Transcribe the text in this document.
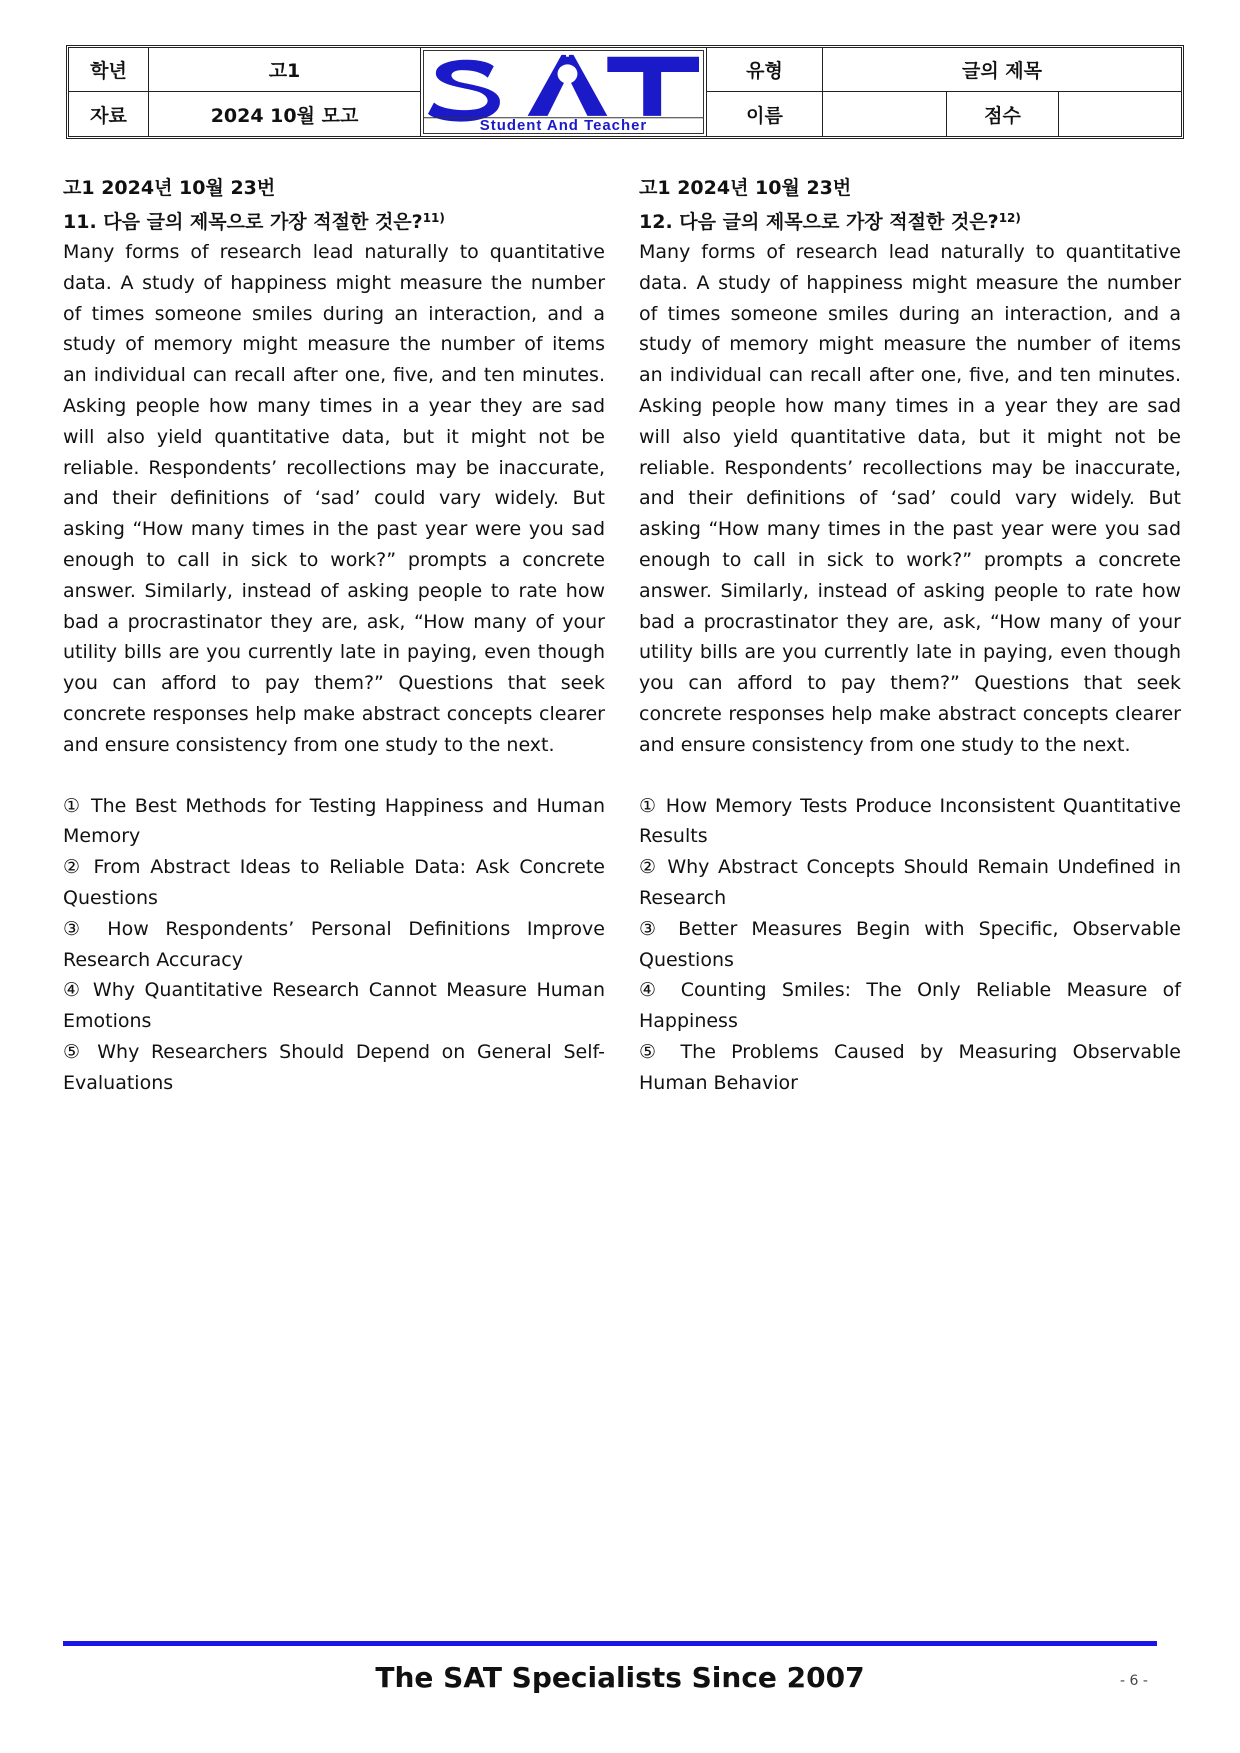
학년	고1
Student And Teacher
유형	글의 제목
자료	2024 10월 모고	이름	점수
고1 2024년 10월 23번
11. 다음 글의 제목으로 가장 적절한 것은?$^{11)}$

Many forms of research lead naturally to quantitative data. A study of happiness might measure the number of times someone smiles during an interaction, and a study of memory might measure the number of items an individual can recall after one, five, and ten minutes. Asking people how many times in a year they are sad will also yield quantitative data, but it might not be reliable. Respondents’ recollections may be inaccurate, and their definitions of ‘sad’ could vary widely. But asking “How many times in the past year were you sad enough to call in sick to work?” prompts a concrete answer. Similarly, instead of asking people to rate how bad a procrastinator they are, ask, “How many of your utility bills are you currently late in paying, even though you can afford to pay them?” Questions that seek concrete responses help make abstract concepts clearer and ensure consistency from one study to the next.

① The Best Methods for Testing Happiness and Human Memory

② From Abstract Ideas to Reliable Data: Ask Concrete Questions

③ How Respondents’ Personal Definitions Improve Research Accuracy

④ Why Quantitative Research Cannot Measure Human Emotions

⑤ Why Researchers Should Depend on General Self-Evaluations

고1 2024년 10월 23번
12. 다음 글의 제목으로 가장 적절한 것은?$^{12)}$

Many forms of research lead naturally to quantitative data. A study of happiness might measure the number of times someone smiles during an interaction, and a study of memory might measure the number of items an individual can recall after one, five, and ten minutes. Asking people how many times in a year they are sad will also yield quantitative data, but it might not be reliable. Respondents’ recollections may be inaccurate, and their definitions of ‘sad’ could vary widely. But asking “How many times in the past year were you sad enough to call in sick to work?” prompts a concrete answer. Similarly, instead of asking people to rate how bad a procrastinator they are, ask, “How many of your utility bills are you currently late in paying, even though you can afford to pay them?” Questions that seek concrete responses help make abstract concepts clearer and ensure consistency from one study to the next.

① How Memory Tests Produce Inconsistent Quantitative Results

② Why Abstract Concepts Should Remain Undefined in Research

③ Better Measures Begin with Specific, Observable Questions

④ Counting Smiles: The Only Reliable Measure of Happiness

⑤ The Problems Caused by Measuring Observable Human Behavior

The SAT Specialists Since 2007	- 6 -
